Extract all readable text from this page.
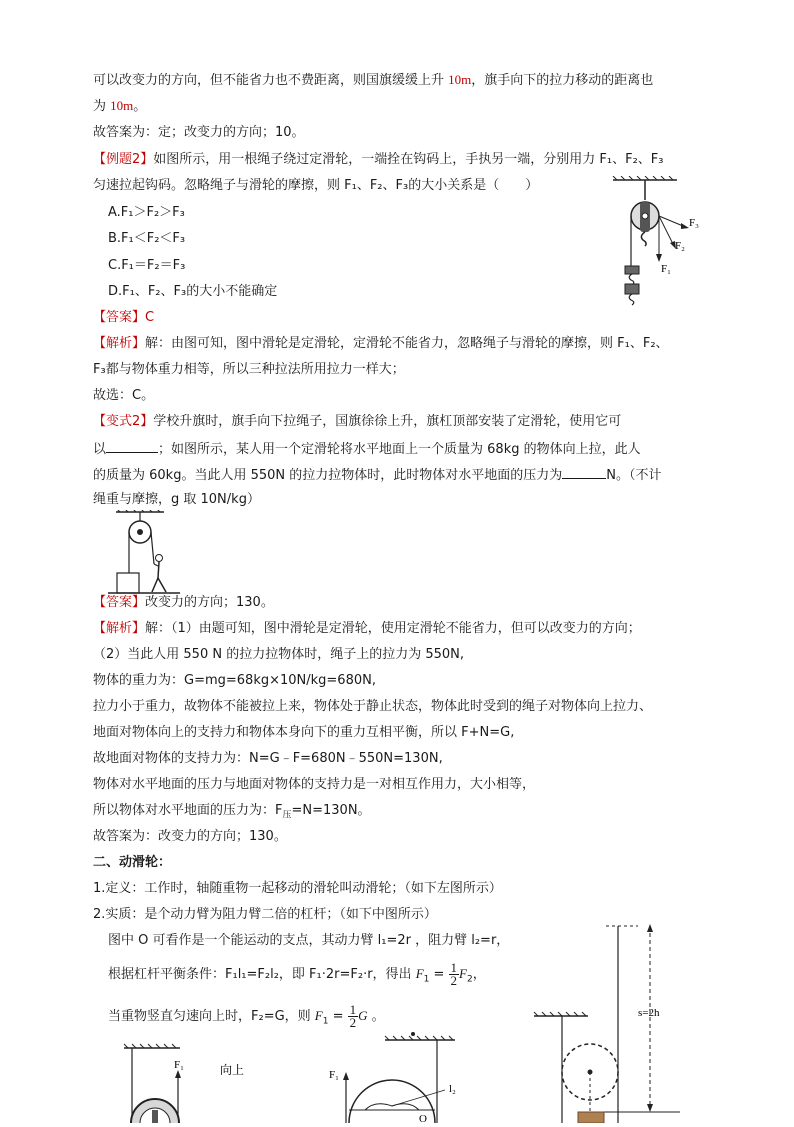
可以改变力的方向，但不能省力也不费距离，则国旗缓缓上升 10m，旗手向下的拉力移动的距离也
为 10m。
故答案为：定；改变力的方向；10。
【例题2】如图所示，用一根绳子绕过定滑轮，一端拴在钩码上，手执另一端，分别用力 F₁、F₂、F₃
匀速拉起钩码。忽略绳子与滑轮的摩擦，则 F₁、F₂、F₃的大小关系是（　　）
A.F₁＞F₂＞F₃
B.F₁＜F₂＜F₃
C.F₁＝F₂＝F₃
D.F₁、F₂、F₃的大小不能确定
【答案】C
【解析】解：由图可知，图中滑轮是定滑轮，定滑轮不能省力，忽略绳子与滑轮的摩擦，则 F₁、F₂、
F₃都与物体重力相等，所以三种拉法所用拉力一样大；
故选：C。
F₁
F₂
F₃
【变式2】学校升旗时，旗手向下拉绳子，国旗徐徐上升，旗杠顶部安装了定滑轮，使用它可
以	；如图所示，某人用一个定滑轮将水平地面上一个质量为 68kg 的物体向上拉，此人
的质量为 60kg。当此人用 550N 的拉力拉物体时，此时物体对水平地面的压力为	N。（不计
绳重与摩擦，g 取 10N/kg）
【答案】改变力的方向；130。
【解析】解：（1）由题可知，图中滑轮是定滑轮，使用定滑轮不能省力，但可以改变力的方向；
（2）当此人用 550 N 的拉力拉物体时，绳子上的拉力为 550N,
物体的重力为：G=mg=68kg×10N/kg=680N,
拉力小于重力，故物体不能被拉上来，物体处于静止状态，物体此时受到的绳子对物体向上拉力、
地面对物体向上的支持力和物体本身向下的重力互相平衡，所以 F+N=G,
故地面对物体的支持力为：N=G﹣F=680N﹣550N=130N,
物体对水平地面的压力与地面对物体的支持力是一对相互作用力，大小相等，
所以物体对水平地面的压力为：$F_压=N=130N$。
故答案为：改变力的方向；130。
二、动滑轮：
1.定义：工作时，轴随重物一起移动的滑轮叫动滑轮；（如下左图所示）
2.实质：是个动力臂为阻力臂二倍的杠杆；（如下中图所示）
图中 O 可看作是一个能运动的支点，其动力臂 l₁=2r ，阻力臂 l₂=r，
根据杠杆平衡条件：F₁l₁=F₂l₂，即 F₁·2r=F₂·r，得出 $F_1 = \frac{1}{2} F_2$，
当重物竖直匀速向上时，F₂=G，则 $F_1 = \frac{1}{2}$ G 。
F₁	向上	F₁
l₂
O
s=2h
